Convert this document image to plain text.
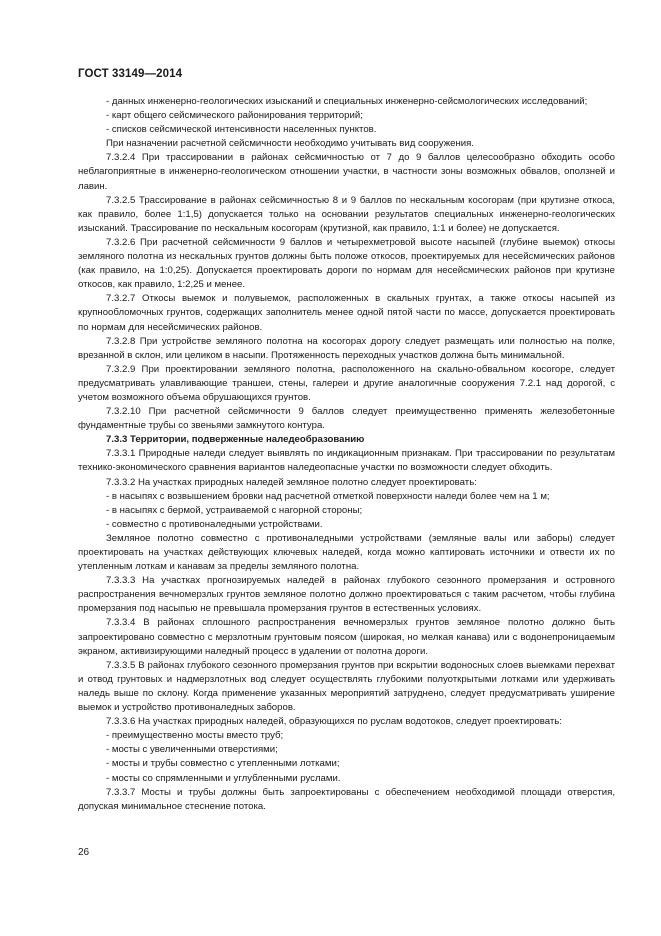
ГОСТ 33149—2014

- данных инженерно-геологических изысканий и специальных инженерно-сейсмологических исследований;

- карт общего сейсмического районирования территорий;

- списков сейсмической интенсивности населенных пунктов.

При назначении расчетной сейсмичности необходимо учитывать вид сооружения.

7.3.2.4 При трассировании в районах сейсмичностью от 7 до 9 баллов целесообразно обходить особо неблагоприятные в инженерно-геологическом отношении участки, в частности зоны возможных обвалов, оползней и лавин.

7.3.2.5 Трассирование в районах сейсмичностью 8 и 9 баллов по нескальным косогорам (при крутизне откоса, как правило, более 1:1,5) допускается только на основании результатов специальных инженерно-геологических изысканий. Трассирование по нескальным косогорам (крутизной, как правило, 1:1 и более) не допускается.

7.3.2.6 При расчетной сейсмичности 9 баллов и четырехметровой высоте насыпей (глубине выемок) откосы земляного полотна из нескальных грунтов должны быть положе откосов, проектируемых для несейсмических районов (как правило, на 1:0,25). Допускается проектировать дороги по нормам для несейсмических районов при крутизне откосов, как правило, 1:2,25 и менее.

7.3.2.7 Откосы выемок и полувыемок, расположенных в скальных грунтах, а также откосы насыпей из крупнообломочных грунтов, содержащих заполнитель менее одной пятой части по массе, допускается проектировать по нормам для несейсмических районов.

7.3.2.8 При устройстве земляного полотна на косогорах дорогу следует размещать или полностью на полке, врезанной в склон, или целиком в насыпи. Протяженность переходных участков должна быть минимальной.

7.3.2.9 При проектировании земляного полотна, расположенного на скально-обвальном косогоре, следует предусматривать улавливающие траншеи, стены, галереи и другие аналогичные сооружения 7.2.1 над дорогой, с учетом возможного объема обрушающихся грунтов.

7.3.2.10 При расчетной сейсмичности 9 баллов следует преимущественно применять железобетонные фундаментные трубы со звеньями замкнутого контура.

7.3.3 Территории, подверженные наледеобразованию

7.3.3.1 Природные наледи следует выявлять по индикационным признакам. При трассировании по результатам технико-экономического сравнения вариантов наледеопасные участки по возможности следует обходить.

7.3.3.2 На участках природных наледей земляное полотно следует проектировать:

- в насыпях с возвышением бровки над расчетной отметкой поверхности наледи более чем на 1 м;

- в насыпях с бермой, устраиваемой с нагорной стороны;

- совместно с противоналедными устройствами.

Земляное полотно совместно с противоналедными устройствами (земляные валы или заборы) следует проектировать на участках действующих ключевых наледей, когда можно каптировать источники и отвести их по утепленным лоткам и канавам за пределы земляного полотна.

7.3.3.3 На участках прогнозируемых наледей в районах глубокого сезонного промерзания и островного распространения вечномерзлых грунтов земляное полотно должно проектироваться с таким расчетом, чтобы глубина промерзания под насыпью не превышала промерзания грунтов в естественных условиях.

7.3.3.4 В районах сплошного распространения вечномерзлых грунтов земляное полотно должно быть запроектировано совместно с мерзлотным грунтовым поясом (широкая, но мелкая канава) или с водонепроницаемым экраном, активизирующими наледный процесс в удалении от полотна дороги.

7.3.3.5 В районах глубокого сезонного промерзания грунтов при вскрытии водоносных слоев выемками перехват и отвод грунтовых и надмерзлотных вод следует осуществлять глубокими полуоткрытыми лотками или удерживать наледь выше по склону. Когда применение указанных мероприятий затруднено, следует предусматривать уширение выемок и устройство противоналедных заборов.

7.3.3.6 На участках природных наледей, образующихся по руслам водотоков, следует проектировать:

- преимущественно мосты вместо труб;

- мосты с увеличенными отверстиями;

- мосты и трубы совместно с утепленными лотками;

- мосты со спрямленными и углубленными руслами.

7.3.3.7 Мосты и трубы должны быть запроектированы с обеспечением необходимой площади отверстия, допуская минимальное стеснение потока.

26
